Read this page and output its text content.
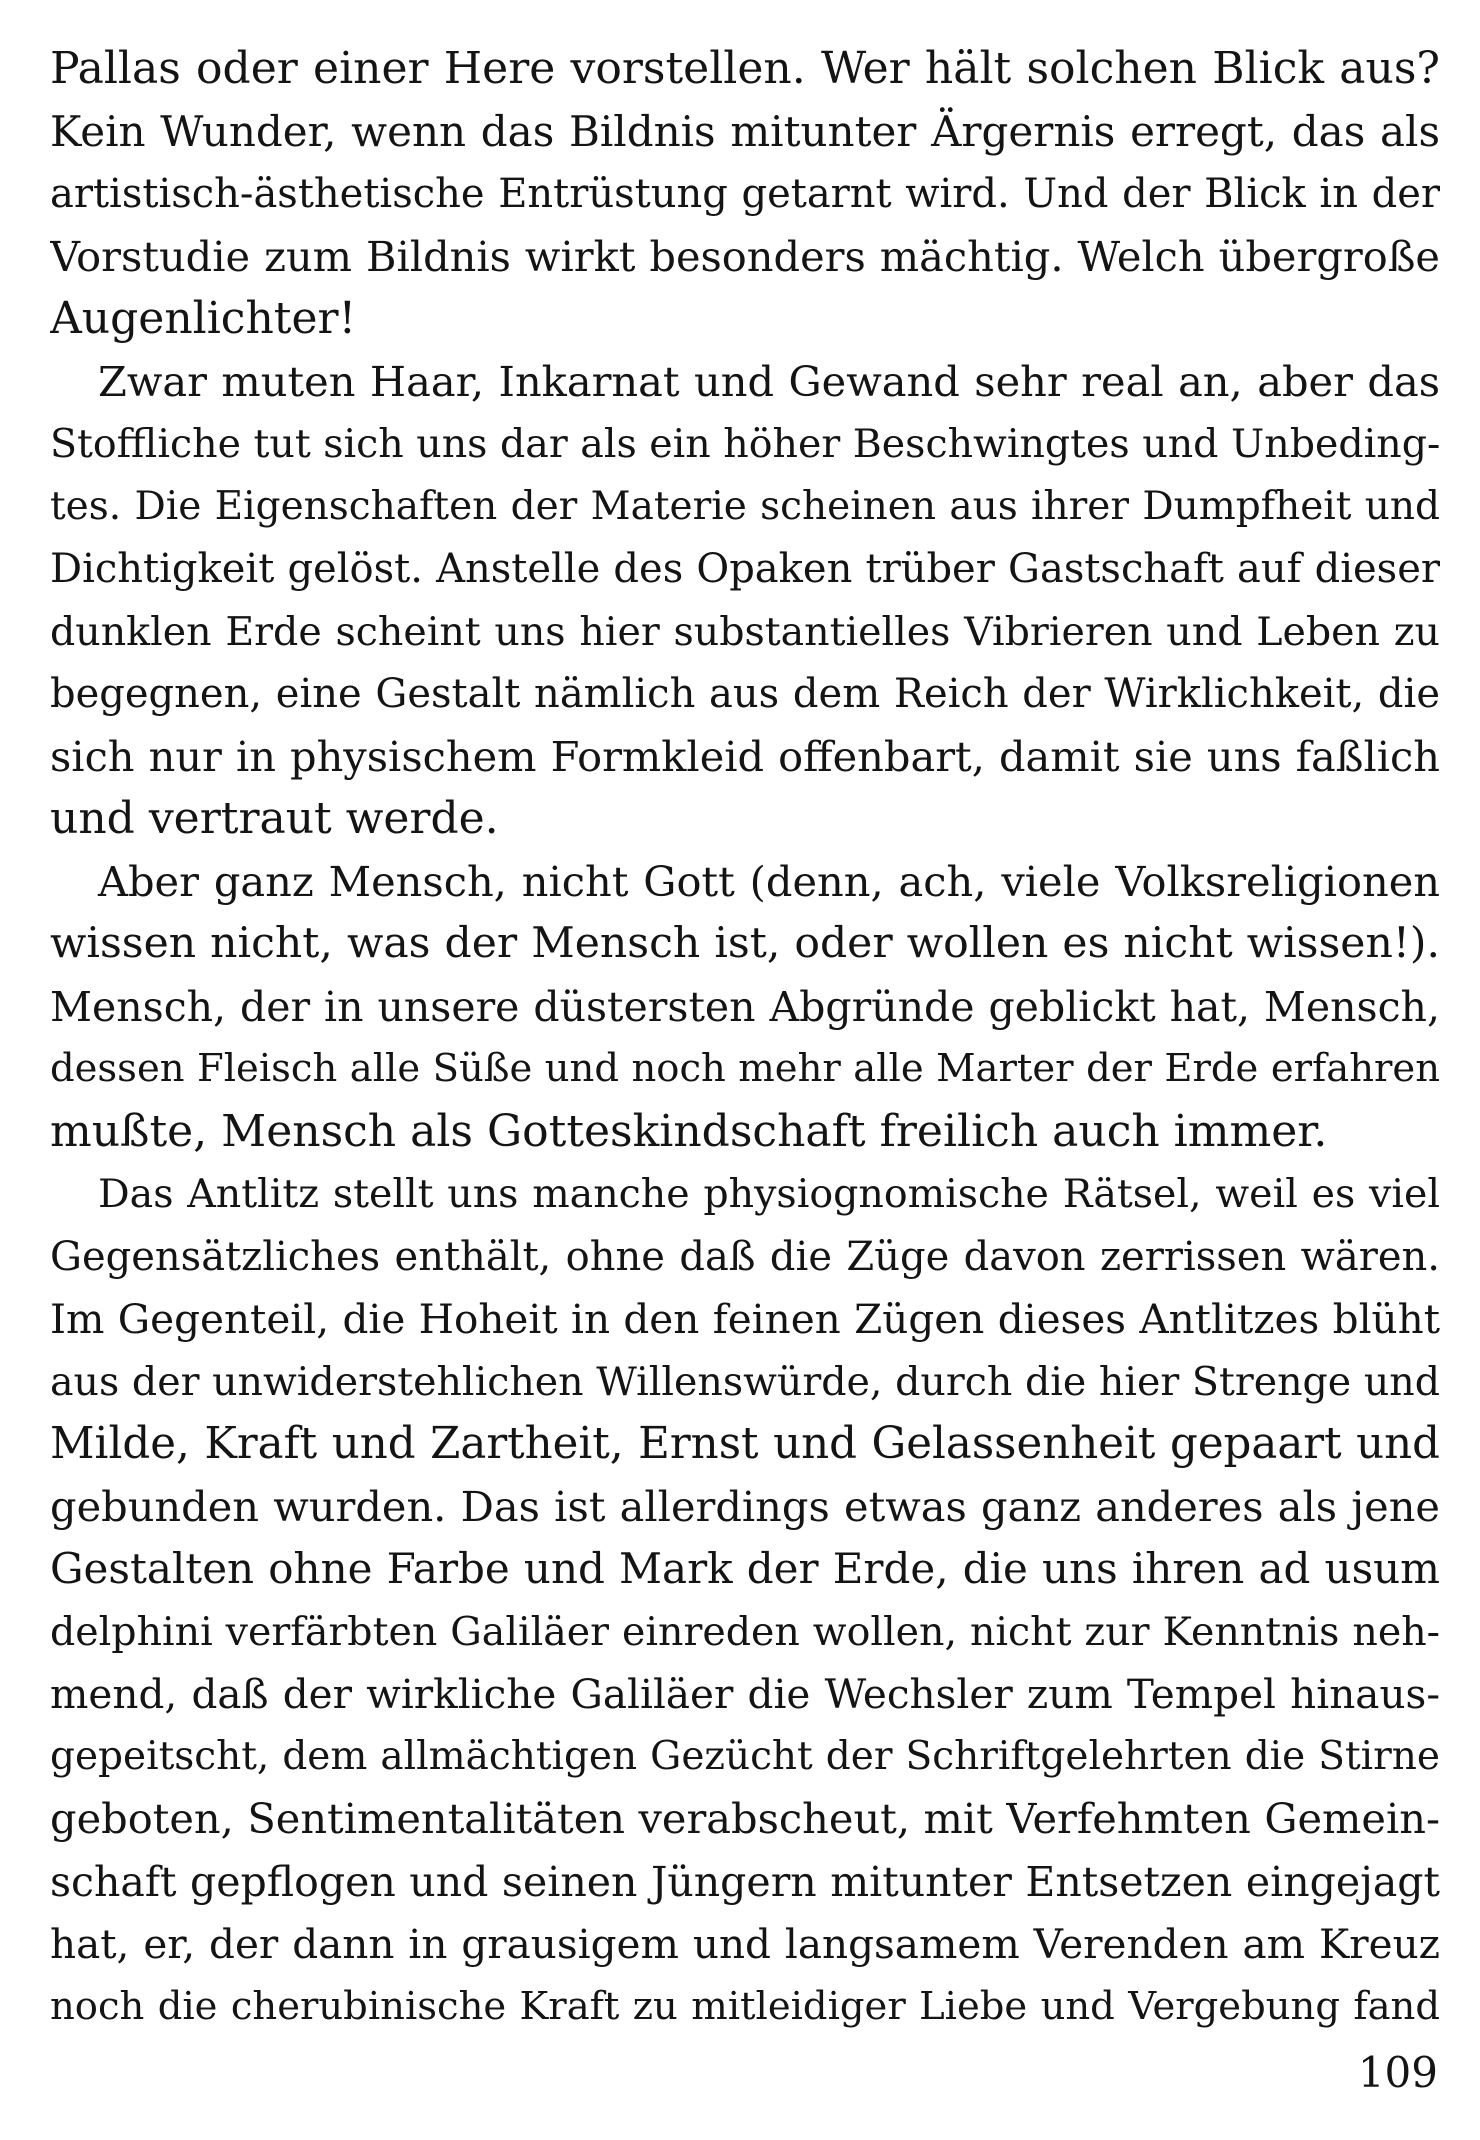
Pallas oder einer Here vorstellen. Wer hält solchen Blick aus?
Kein Wunder, wenn das Bildnis mitunter Ärgernis erregt, das als
artistisch-ästhetische Entrüstung getarnt wird. Und der Blick in der
Vorstudie zum Bildnis wirkt besonders mächtig. Welch übergroße
Augenlichter!
Zwar muten Haar, Inkarnat und Gewand sehr real an, aber das
Stoffliche tut sich uns dar als ein höher Beschwingtes und Unbeding-
tes. Die Eigenschaften der Materie scheinen aus ihrer Dumpfheit und
Dichtigkeit gelöst. Anstelle des Opaken trüber Gastschaft auf dieser
dunklen Erde scheint uns hier substantielles Vibrieren und Leben zu
begegnen, eine Gestalt nämlich aus dem Reich der Wirklichkeit, die
sich nur in physischem Formkleid offenbart, damit sie uns faßlich
und vertraut werde.
Aber ganz Mensch, nicht Gott (denn, ach, viele Volksreligionen
wissen nicht, was der Mensch ist, oder wollen es nicht wissen!).
Mensch, der in unsere düstersten Abgründe geblickt hat, Mensch,
dessen Fleisch alle Süße und noch mehr alle Marter der Erde erfahren
mußte, Mensch als Gotteskindschaft freilich auch immer.
Das Antlitz stellt uns manche physiognomische Rätsel, weil es viel
Gegensätzliches enthält, ohne daß die Züge davon zerrissen wären.
Im Gegenteil, die Hoheit in den feinen Zügen dieses Antlitzes blüht
aus der unwiderstehlichen Willenswürde, durch die hier Strenge und
Milde, Kraft und Zartheit, Ernst und Gelassenheit gepaart und
gebunden wurden. Das ist allerdings etwas ganz anderes als jene
Gestalten ohne Farbe und Mark der Erde, die uns ihren ad usum
delphini verfärbten Galiläer einreden wollen, nicht zur Kenntnis neh-
mend, daß der wirkliche Galiläer die Wechsler zum Tempel hinaus-
gepeitscht, dem allmächtigen Gezücht der Schriftgelehrten die Stirne
geboten, Sentimentalitäten verabscheut, mit Verfehmten Gemein-
schaft gepflogen und seinen Jüngern mitunter Entsetzen eingejagt
hat, er, der dann in grausigem und langsamem Verenden am Kreuz
noch die cherubinische Kraft zu mitleidiger Liebe und Vergebung fand
109
